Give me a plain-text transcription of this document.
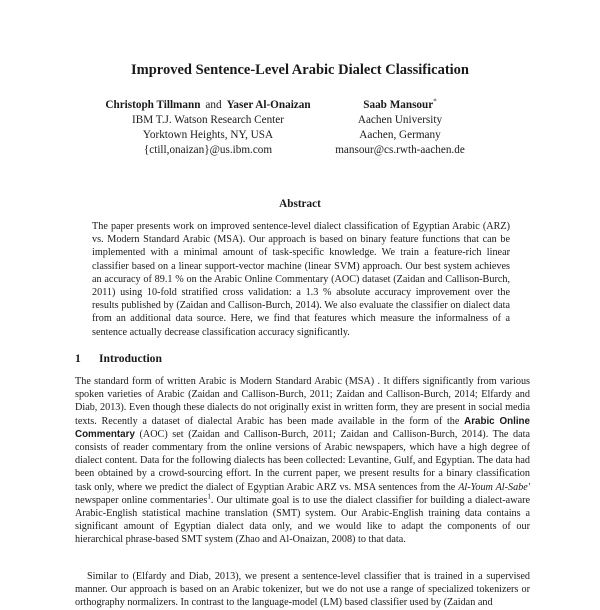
Improved Sentence-Level Arabic Dialect Classification
Christoph Tillmann and Yaser Al-Onaizan
IBM T.J. Watson Research Center
Yorktown Heights, NY, USA
{ctill,onaizan}@us.ibm.com
Saab Mansour*
Aachen University
Aachen, Germany
mansour@cs.rwth-aachen.de
Abstract

The paper presents work on improved sentence-level dialect classification of Egyptian Arabic (ARZ) vs. Modern Standard Arabic (MSA). Our approach is based on binary feature functions that can be implemented with a minimal amount of task-specific knowledge. We train a feature-rich linear classifier based on a linear support-vector machine (linear SVM) approach. Our best system achieves an accuracy of 89.1 % on the Arabic Online Commentary (AOC) dataset (Zaidan and Callison-Burch, 2011) using 10-fold stratified cross validation: a 1.3 % absolute accuracy improvement over the results published by (Zaidan and Callison-Burch, 2014). We also evaluate the classifier on dialect data from an additional data source. Here, we find that features which measure the informalness of a sentence actually decrease classification accuracy significantly.

1 Introduction

The standard form of written Arabic is Modern Standard Arabic (MSA) . It differs significantly from various spoken varieties of Arabic (Zaidan and Callison-Burch, 2011; Zaidan and Callison-Burch, 2014; Elfardy and Diab, 2013). Even though these dialects do not originally exist in written form, they are present in social media texts. Recently a dataset of dialectal Arabic has been made available in the form of the Arabic Online Commentary (AOC) set (Zaidan and Callison-Burch, 2011; Zaidan and Callison-Burch, 2014). The data consists of reader commentary from the online versions of Arabic newspapers, which have a high degree of dialect content. Data for the following dialects has been collected: Levantine, Gulf, and Egyptian. The data had been obtained by a crowd-sourcing effort. In the current paper, we present results for a binary classification task only, where we predict the dialect of Egyptian Arabic ARZ vs. MSA sentences from the Al-Youm Al-Sabe' newspaper online commentaries$^1$. Our ultimate goal is to use the dialect classifier for building a dialect-aware Arabic-English statistical machine translation (SMT) system. Our Arabic-English training data contains a significant amount of Egyptian dialect data only, and we would like to adapt the components of our hierarchical phrase-based SMT system (Zhao and Al-Onaizan, 2008) to that data.

Similar to (Elfardy and Diab, 2013), we present a sentence-level classifier that is trained in a supervised manner. Our approach is based on an Arabic tokenizer, but we do not use a range of specialized tokenizers or orthography normalizers. In contrast to the language-model (LM) based classifier used by (Zaidan and
